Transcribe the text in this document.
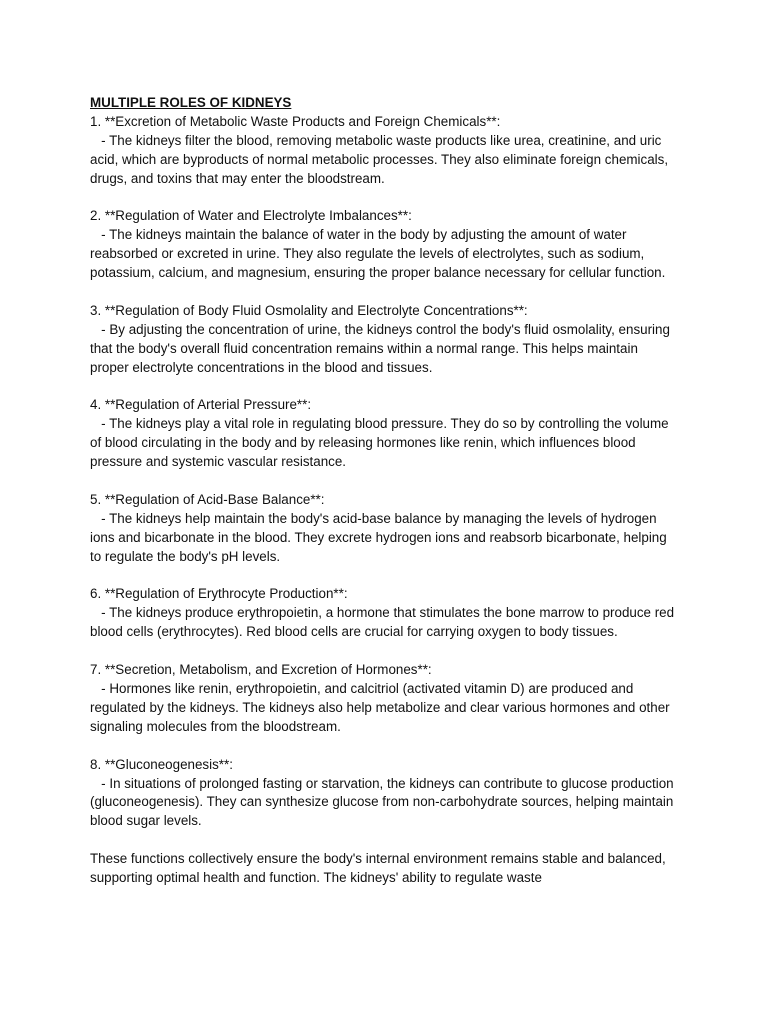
MULTIPLE ROLES OF KIDNEYS

1. **Excretion of Metabolic Waste Products and Foreign Chemicals**:

- The kidneys filter the blood, removing metabolic waste products like urea, creatinine, and uric acid, which are byproducts of normal metabolic processes. They also eliminate foreign chemicals, drugs, and toxins that may enter the bloodstream.

2. **Regulation of Water and Electrolyte Imbalances**:

- The kidneys maintain the balance of water in the body by adjusting the amount of water reabsorbed or excreted in urine. They also regulate the levels of electrolytes, such as sodium, potassium, calcium, and magnesium, ensuring the proper balance necessary for cellular function.

3. **Regulation of Body Fluid Osmolality and Electrolyte Concentrations**:

- By adjusting the concentration of urine, the kidneys control the body's fluid osmolality, ensuring that the body's overall fluid concentration remains within a normal range. This helps maintain proper electrolyte concentrations in the blood and tissues.

4. **Regulation of Arterial Pressure**:

- The kidneys play a vital role in regulating blood pressure. They do so by controlling the volume of blood circulating in the body and by releasing hormones like renin, which influences blood pressure and systemic vascular resistance.

5. **Regulation of Acid-Base Balance**:

- The kidneys help maintain the body's acid-base balance by managing the levels of hydrogen ions and bicarbonate in the blood. They excrete hydrogen ions and reabsorb bicarbonate, helping to regulate the body's pH levels.

6. **Regulation of Erythrocyte Production**:

- The kidneys produce erythropoietin, a hormone that stimulates the bone marrow to produce red blood cells (erythrocytes). Red blood cells are crucial for carrying oxygen to body tissues.

7. **Secretion, Metabolism, and Excretion of Hormones**:

- Hormones like renin, erythropoietin, and calcitriol (activated vitamin D) are produced and regulated by the kidneys. The kidneys also help metabolize and clear various hormones and other signaling molecules from the bloodstream.

8. **Gluconeogenesis**:

- In situations of prolonged fasting or starvation, the kidneys can contribute to glucose production (gluconeogenesis). They can synthesize glucose from non-carbohydrate sources, helping maintain blood sugar levels.

These functions collectively ensure the body's internal environment remains stable and balanced, supporting optimal health and function. The kidneys' ability to regulate waste
